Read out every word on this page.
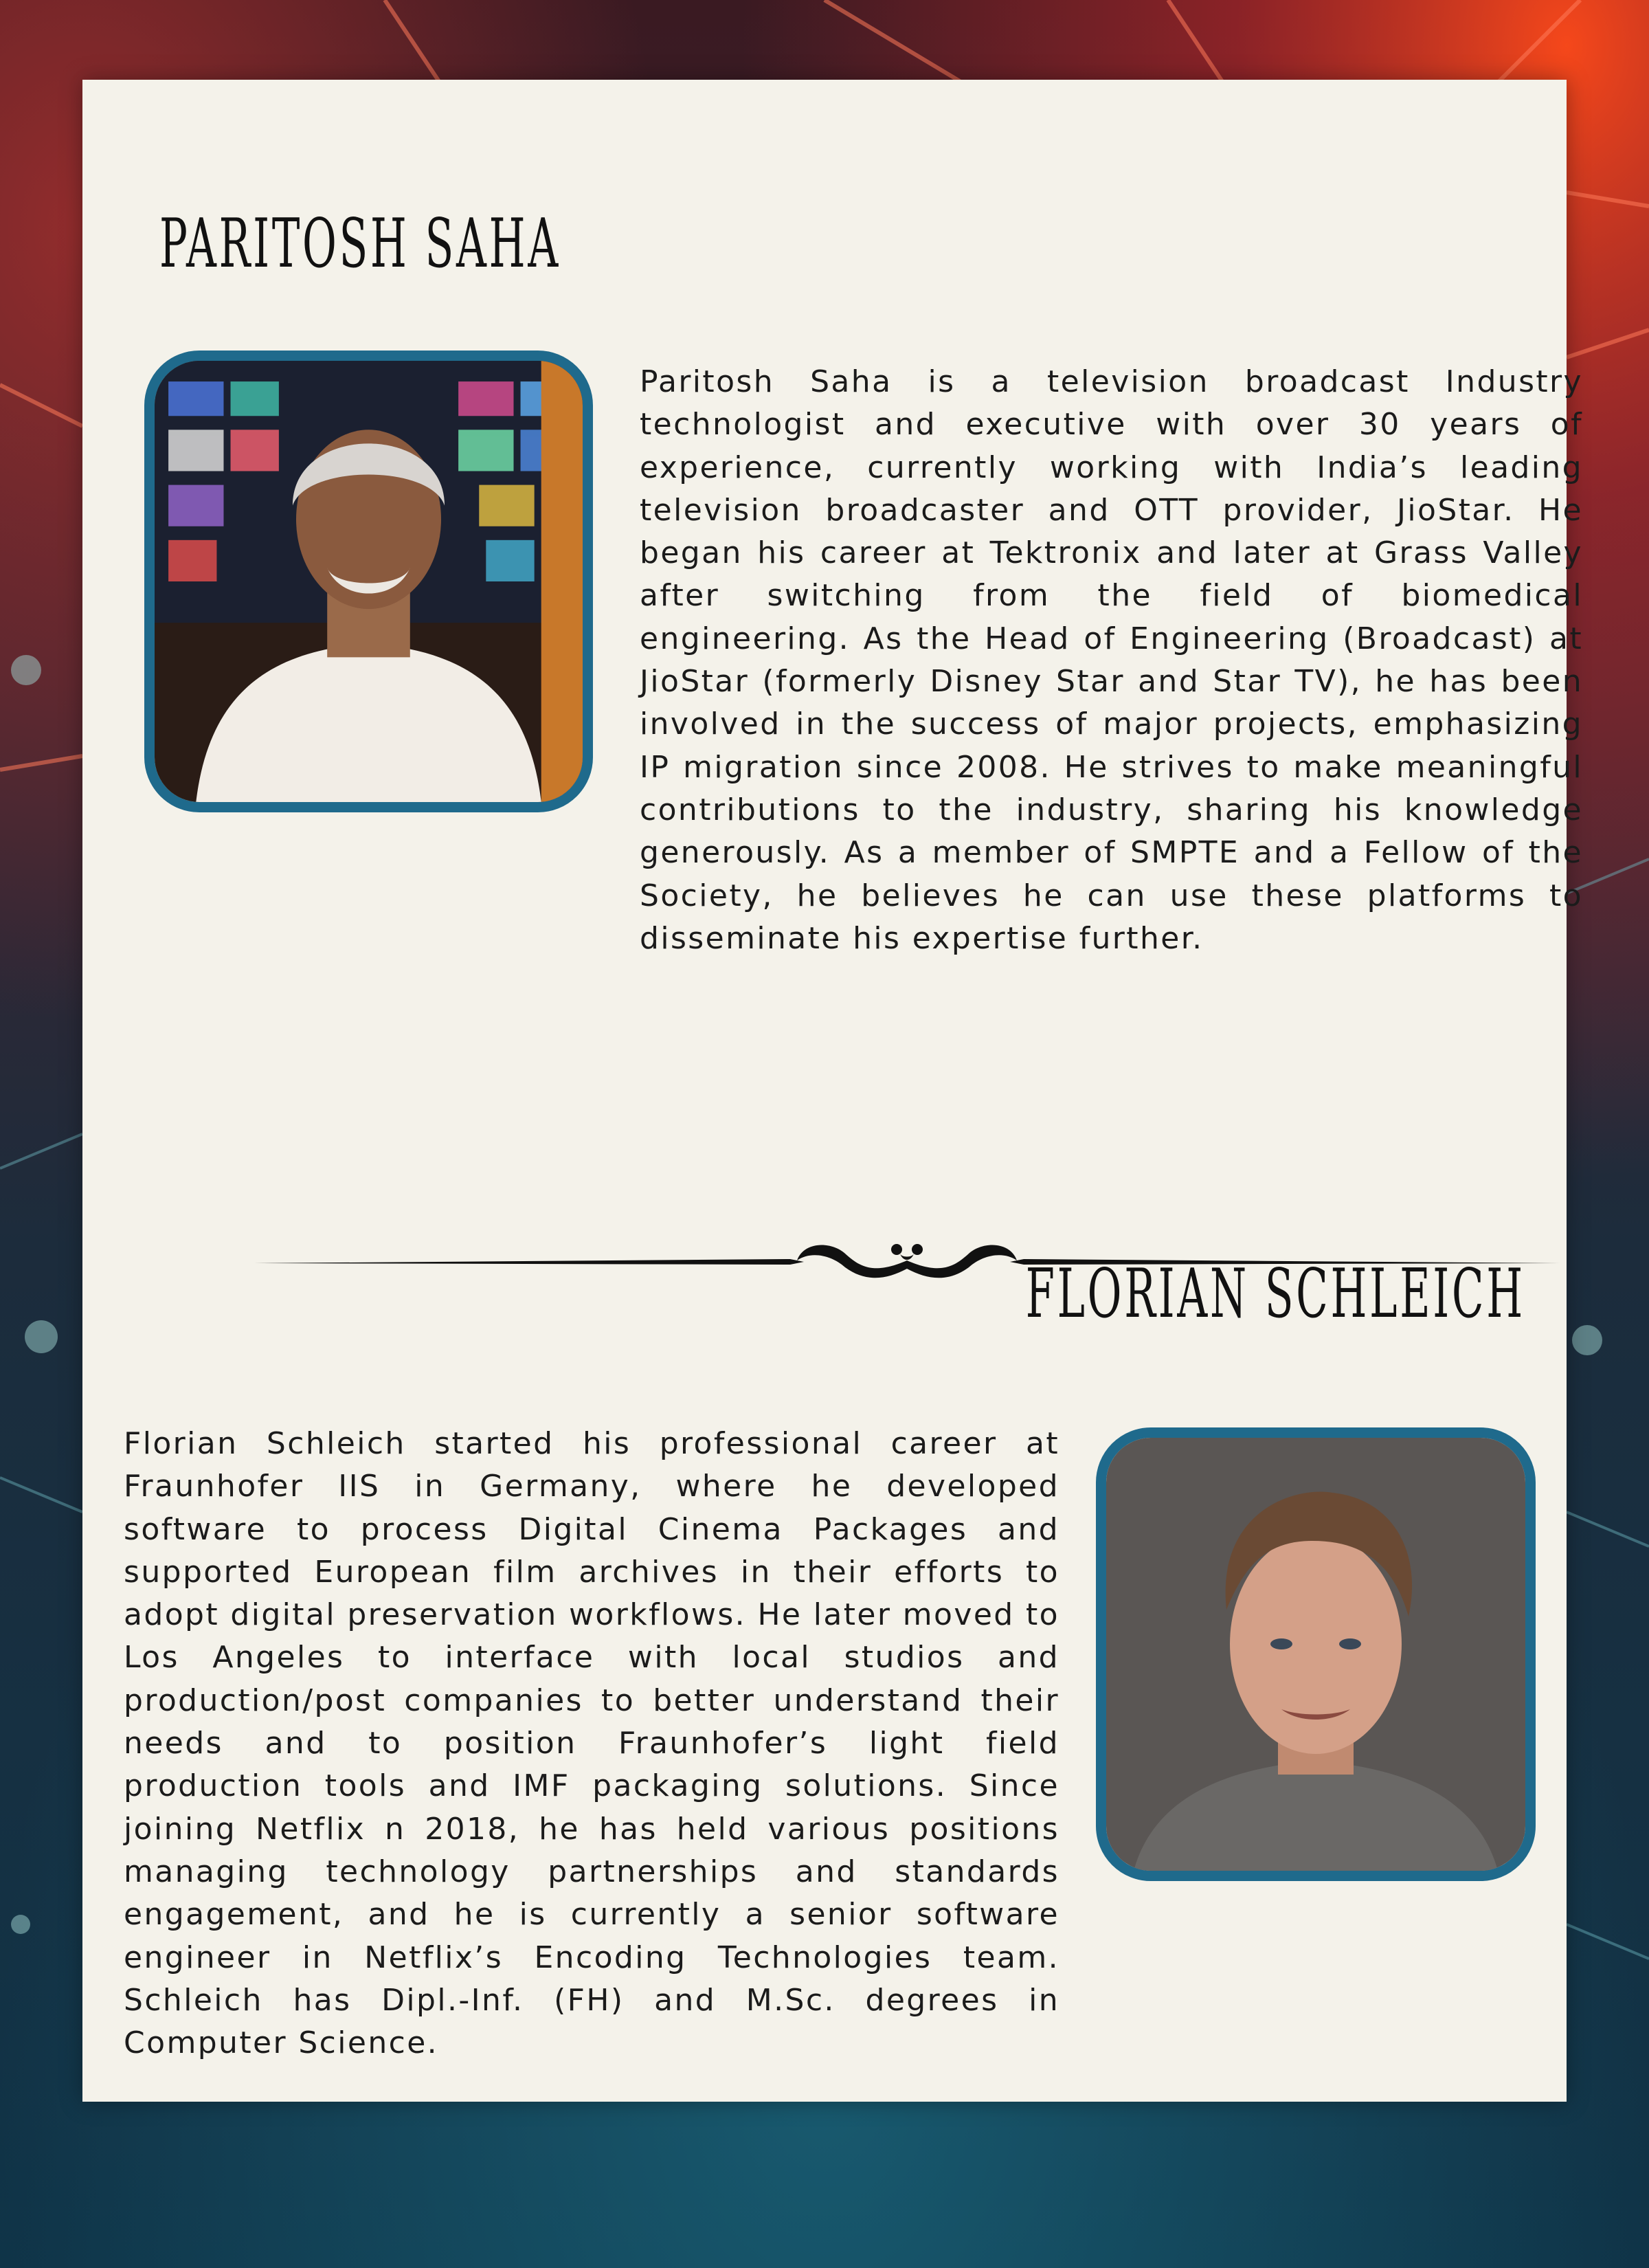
PARITOSH SAHA

Paritosh Saha is a television broadcast Industry technologist and executive with over 30 years of experience, currently working with India’s leading television broadcaster and OTT provider, JioStar. He began his career at Tektronix and later at Grass Valley after switching from the field of biomedical engineering. As the Head of Engineering (Broadcast) at JioStar (formerly Disney Star and Star TV), he has been involved in the success of major projects, emphasizing IP migration since 2008. He strives to make meaningful contributions to the industry, sharing his knowledge generously. As a member of SMPTE and a Fellow of the Society, he believes he can use these platforms to disseminate his expertise further.

FLORIAN SCHLEICH

Florian Schleich started his professional career at Fraunhofer IIS in Germany, where he developed software to process Digital Cinema Packages and supported European film archives in their efforts to adopt digital preservation workflows. He later moved to Los Angeles to interface with local studios and production/post companies to better understand their needs and to position Fraunhofer’s light field production tools and IMF packaging solutions. Since joining Netflix n 2018, he has held various positions managing technology partnerships and standards engagement, and he is currently a senior software engineer in Netflix’s Encoding Technologies team. Schleich has Dipl.-Inf. (FH) and M.Sc. degrees in Computer Science.
